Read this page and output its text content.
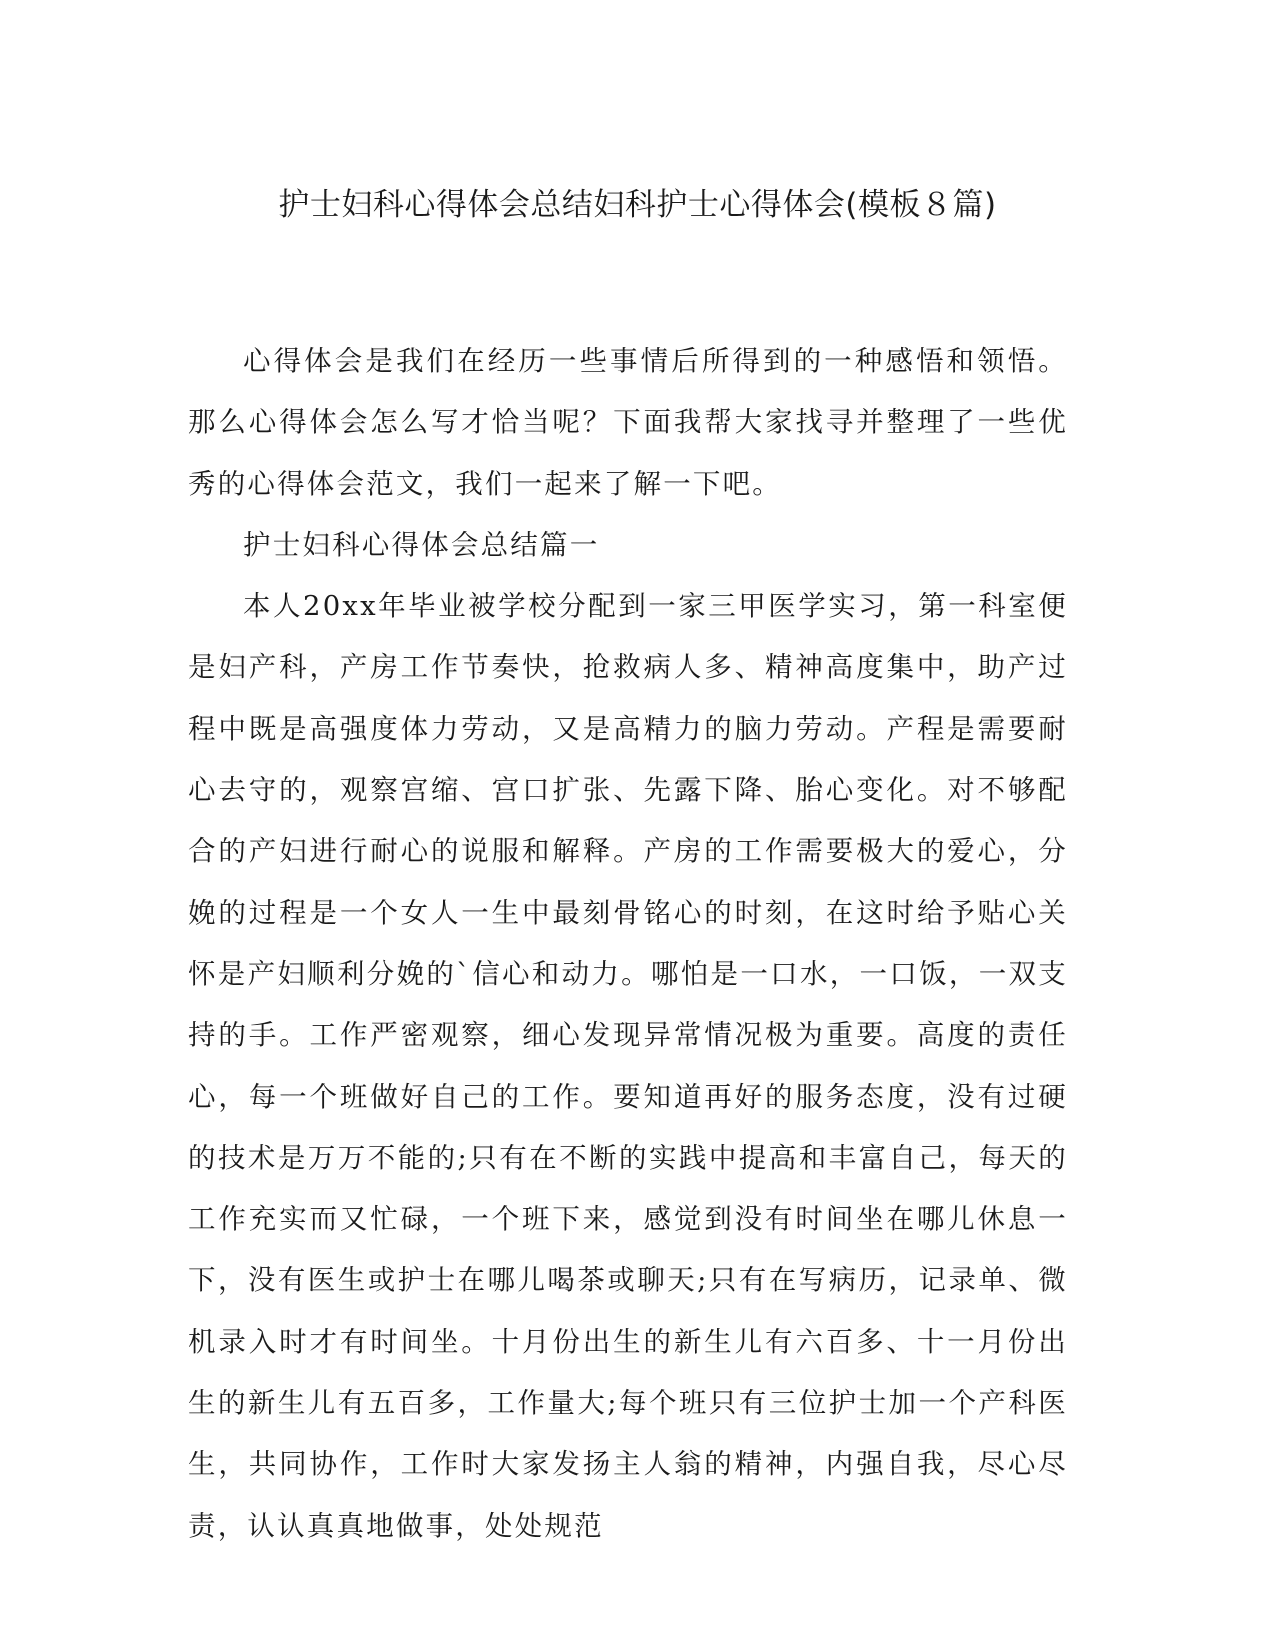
护士妇科心得体会总结妇科护士心得体会(模板８篇)

心得体会是我们在经历一些事情后所得到的一种感悟和领悟。那么心得体会怎么写才恰当呢？下面我帮大家找寻并整理了一些优秀的心得体会范文，我们一起来了解一下吧。

护士妇科心得体会总结篇一

本人20xx年毕业被学校分配到一家三甲医学实习，第一科室便是妇产科，产房工作节奏快，抢救病人多、精神高度集中，助产过程中既是高强度体力劳动，又是高精力的脑力劳动。产程是需要耐心去守的，观察宫缩、宫口扩张、先露下降、胎心变化。对不够配合的产妇进行耐心的说服和解释。产房的工作需要极大的爱心，分娩的过程是一个女人一生中最刻骨铭心的时刻，在这时给予贴心关怀是产妇顺利分娩的`信心和动力。哪怕是一口水，一口饭，一双支持的手。工作严密观察，细心发现异常情况极为重要。高度的责任心，每一个班做好自己的工作。要知道再好的服务态度，没有过硬的技术是万万不能的;只有在不断的实践中提高和丰富自己，每天的工作充实而又忙碌，一个班下来，感觉到没有时间坐在哪儿休息一下，没有医生或护士在哪儿喝茶或聊天;只有在写病历，记录单、微机录入时才有时间坐。十月份出生的新生儿有六百多、十一月份出生的新生儿有五百多，工作量大;每个班只有三位护士加一个产科医生，共同协作，工作时大家发扬主人翁的精神，内强自我，尽心尽责，认认真真地做事，处处规范
